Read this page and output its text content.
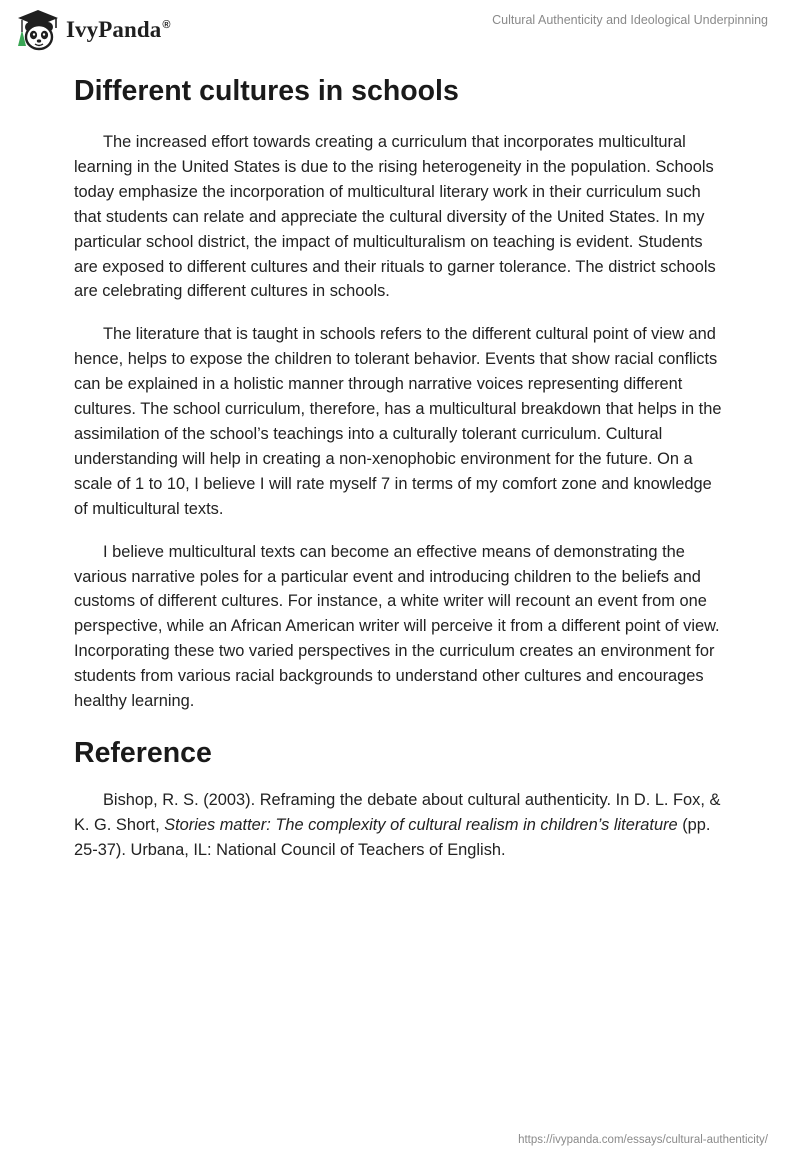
IvyPanda®	Cultural Authenticity and Ideological Underpinning
Different cultures in schools

The increased effort towards creating a curriculum that incorporates multicultural learning in the United States is due to the rising heterogeneity in the population. Schools today emphasize the incorporation of multicultural literary work in their curriculum such that students can relate and appreciate the cultural diversity of the United States. In my particular school district, the impact of multiculturalism on teaching is evident. Students are exposed to different cultures and their rituals to garner tolerance. The district schools are celebrating different cultures in schools.

The literature that is taught in schools refers to the different cultural point of view and hence, helps to expose the children to tolerant behavior. Events that show racial conflicts can be explained in a holistic manner through narrative voices representing different cultures. The school curriculum, therefore, has a multicultural breakdown that helps in the assimilation of the school’s teachings into a culturally tolerant curriculum. Cultural understanding will help in creating a non-xenophobic environment for the future. On a scale of 1 to 10, I believe I will rate myself 7 in terms of my comfort zone and knowledge of multicultural texts.

I believe multicultural texts can become an effective means of demonstrating the various narrative poles for a particular event and introducing children to the beliefs and customs of different cultures. For instance, a white writer will recount an event from one perspective, while an African American writer will perceive it from a different point of view. Incorporating these two varied perspectives in the curriculum creates an environment for students from various racial backgrounds to understand other cultures and encourages healthy learning.

Reference

Bishop, R. S. (2003). Reframing the debate about cultural authenticity. In D. L. Fox, & K. G. Short, Stories matter: The complexity of cultural realism in children’s literature (pp. 25-37). Urbana, IL: National Council of Teachers of English.

https://ivypanda.com/essays/cultural-authenticity/
